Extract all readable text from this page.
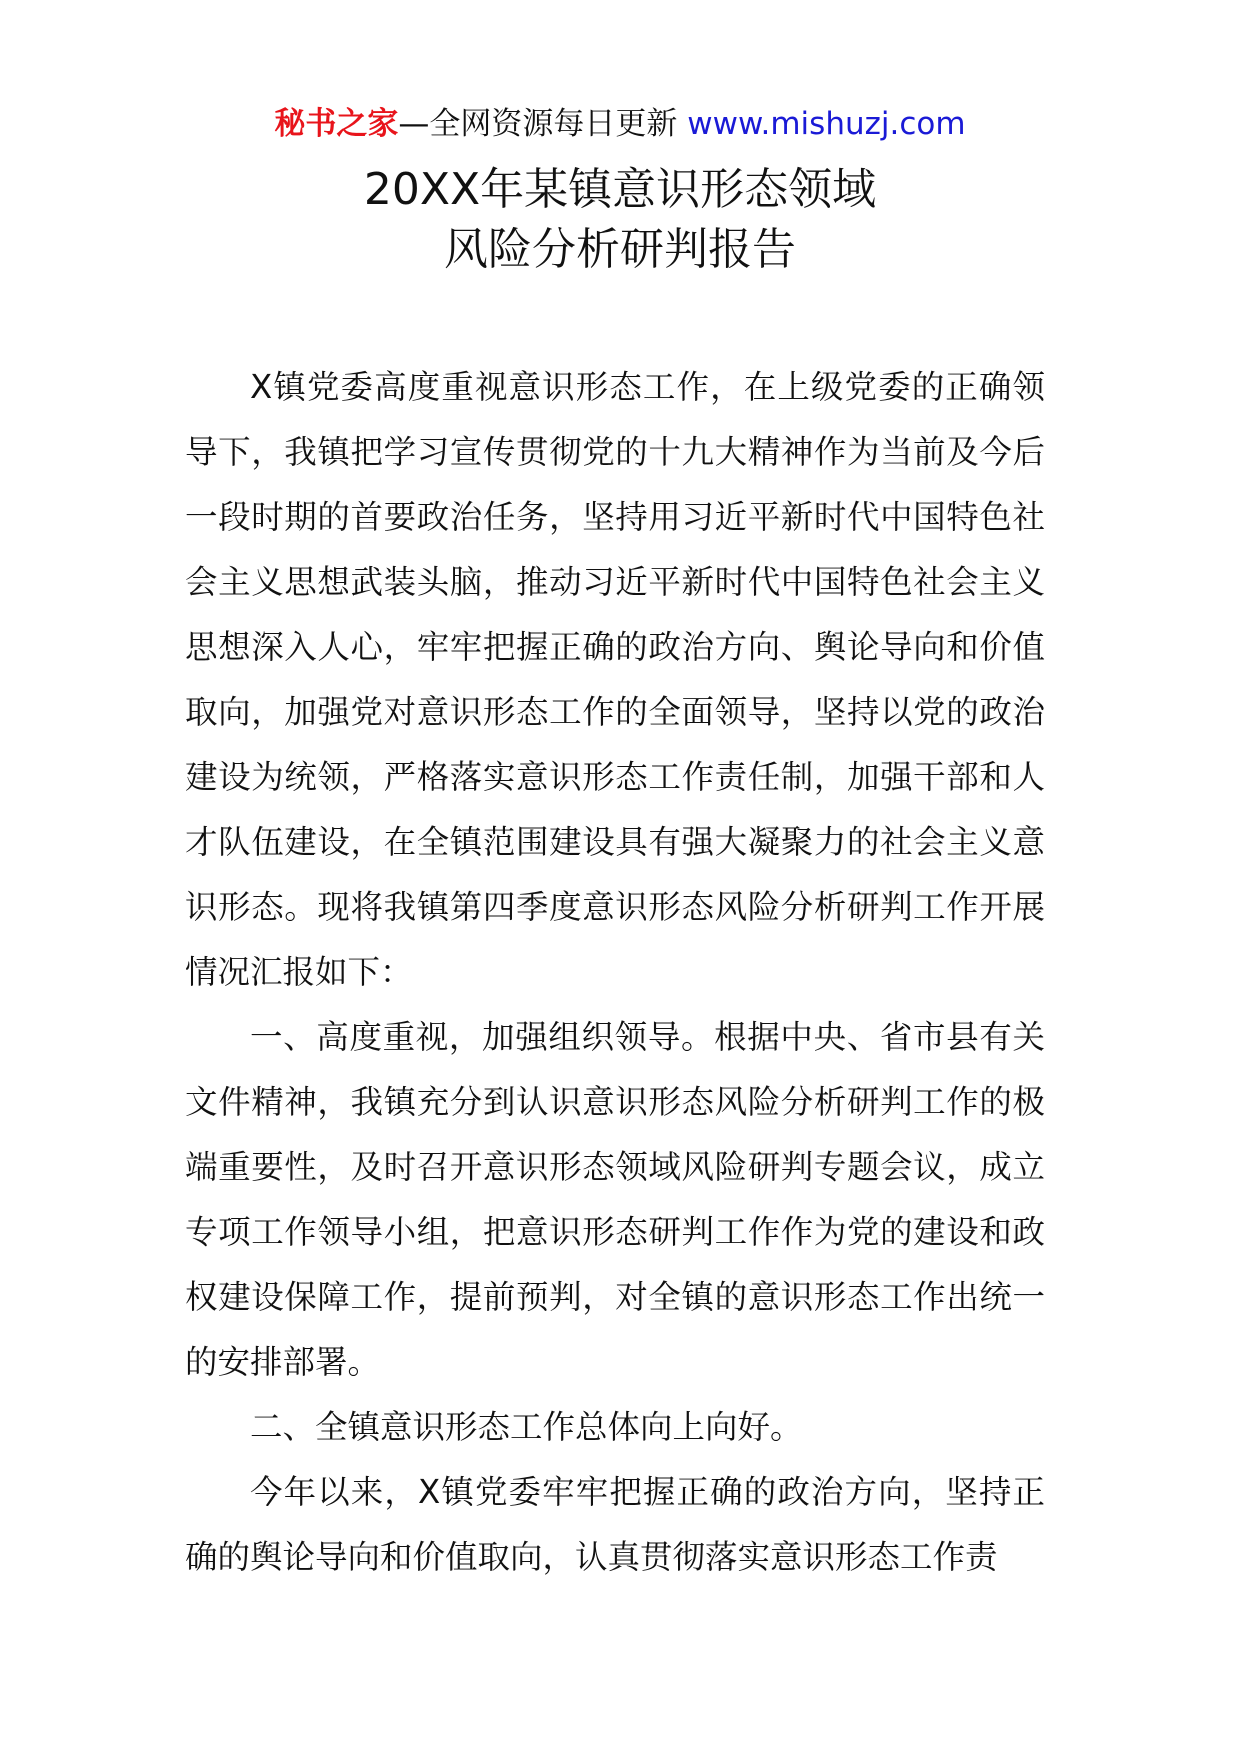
秘书之家—全网资源每日更新 www.mishuzj.com
20XX年某镇意识形态领域
风险分析研判报告

X镇党委高度重视意识形态工作，在上级党委的正确领导下，我镇把学习宣传贯彻党的十九大精神作为当前及今后一段时期的首要政治任务，坚持用习近平新时代中国特色社会主义思想武装头脑，推动习近平新时代中国特色社会主义思想深入人心，牢牢把握正确的政治方向、舆论导向和价值取向，加强党对意识形态工作的全面领导，坚持以党的政治建设为统领，严格落实意识形态工作责任制，加强干部和人才队伍建设，在全镇范围建设具有强大凝聚力的社会主义意识形态。现将我镇第四季度意识形态风险分析研判工作开展情况汇报如下：

一、高度重视，加强组织领导。根据中央、省市县有关文件精神，我镇充分到认识意识形态风险分析研判工作的极端重要性，及时召开意识形态领域风险研判专题会议，成立专项工作领导小组，把意识形态研判工作作为党的建设和政权建设保障工作，提前预判，对全镇的意识形态工作出统一的安排部署。

二、全镇意识形态工作总体向上向好。

今年以来，X镇党委牢牢把握正确的政治方向，坚持正确的舆论导向和价值取向，认真贯彻落实意识形态工作责
